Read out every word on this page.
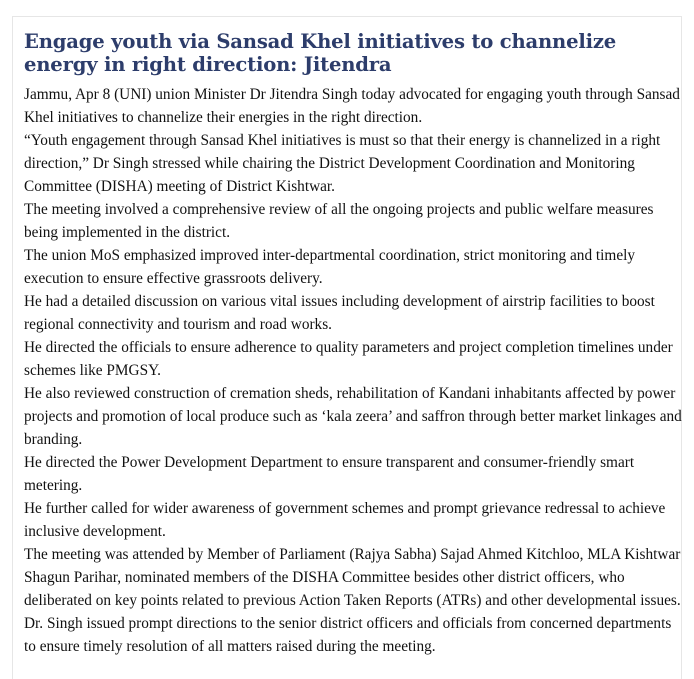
Engage youth via Sansad Khel initiatives to channelize energy in right direction: Jitendra

Jammu, Apr 8 (UNI) union Minister Dr Jitendra Singh today advocated for engaging youth through Sansad Khel initiatives to channelize their energies in the right direction.

“Youth engagement through Sansad Khel initiatives is must so that their energy is channelized in a right direction,” Dr Singh stressed while chairing the District Development Coordination and Monitoring Committee (DISHA) meeting of District Kishtwar.

The meeting involved a comprehensive review of all the ongoing projects and public welfare measures being implemented in the district.

The union MoS emphasized improved inter-departmental coordination, strict monitoring and timely execution to ensure effective grassroots delivery.

He had a detailed discussion on various vital issues including development of airstrip facilities to boost regional connectivity and tourism and road works.

He directed the officials to ensure adherence to quality parameters and project completion timelines under schemes like PMGSY.

He also reviewed construction of cremation sheds, rehabilitation of Kandani inhabitants affected by power projects and promotion of local produce such as ‘kala zeera’ and saffron through better market linkages and branding.

He directed the Power Development Department to ensure transparent and consumer-friendly smart metering.

He further called for wider awareness of government schemes and prompt grievance redressal to achieve inclusive development.

The meeting was attended by Member of Parliament (Rajya Sabha) Sajad Ahmed Kitchloo, MLA Kishtwar Shagun Parihar, nominated members of the DISHA Committee besides other district officers, who deliberated on key points related to previous Action Taken Reports (ATRs) and other developmental issues.

Dr. Singh issued prompt directions to the senior district officers and officials from concerned departments to ensure timely resolution of all matters raised during the meeting.
